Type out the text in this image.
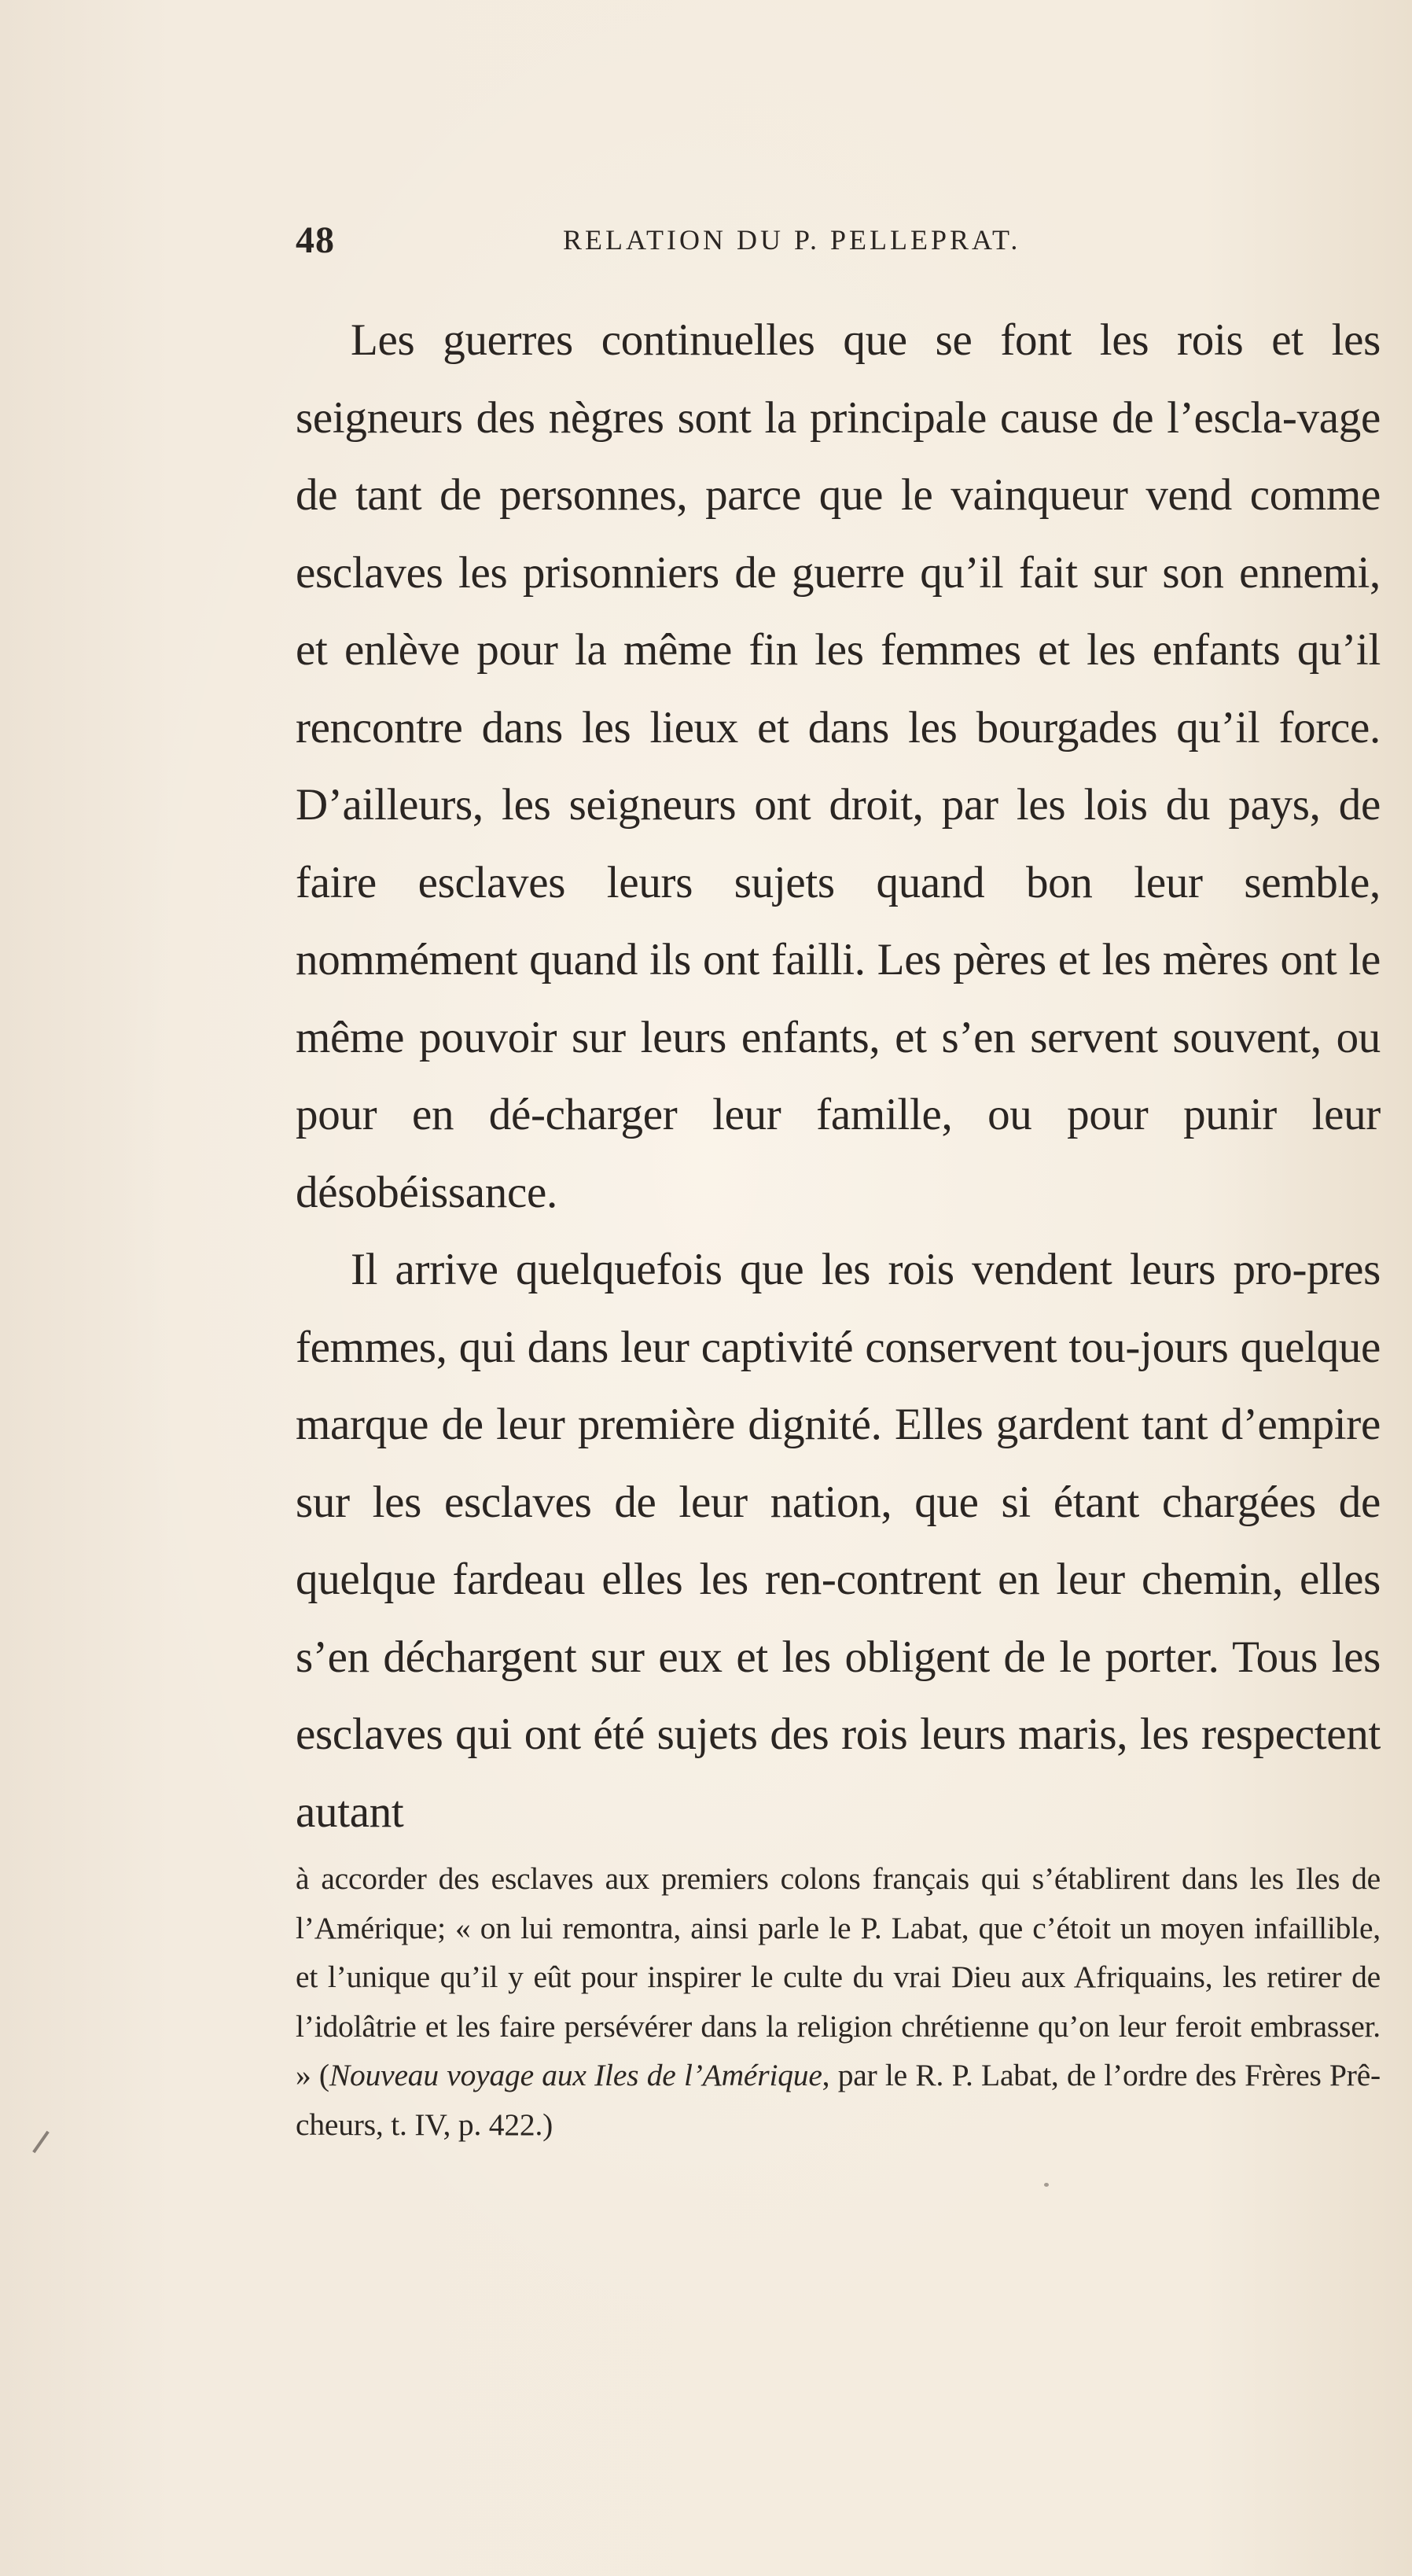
48	RELATION DU P. PELLEPRAT.

Les guerres continuelles que se font les rois et les seigneurs des nègres sont la principale cause de l’escla-vage de tant de personnes, parce que le vainqueur vend comme esclaves les prisonniers de guerre qu’il fait sur son ennemi, et enlève pour la même fin les femmes et les enfants qu’il rencontre dans les lieux et dans les bourgades qu’il force. D’ailleurs, les seigneurs ont droit, par les lois du pays, de faire esclaves leurs sujets quand bon leur semble, nommément quand ils ont failli. Les pères et les mères ont le même pouvoir sur leurs enfants, et s’en servent souvent, ou pour en dé-charger leur famille, ou pour punir leur désobéissance.

Il arrive quelquefois que les rois vendent leurs pro-pres femmes, qui dans leur captivité conservent tou-jours quelque marque de leur première dignité. Elles gardent tant d’empire sur les esclaves de leur nation, que si étant chargées de quelque fardeau elles les ren-contrent en leur chemin, elles s’en déchargent sur eux et les obligent de le porter. Tous les esclaves qui ont été sujets des rois leurs maris, les respectent autant

à accorder des esclaves aux premiers colons français qui s’établirent dans les Iles de l’Amérique; « on lui remontra, ainsi parle le P. Labat, que c’étoit un moyen infaillible, et l’unique qu’il y eût pour inspirer le culte du vrai Dieu aux Afriquains, les retirer de l’idolâtrie et les faire persévérer dans la religion chrétienne qu’on leur feroit embrasser. » (Nouveau voyage aux Iles de l’Amérique, par le R. P. Labat, de l’ordre des Frères Prê-cheurs, t. IV, p. 422.)
